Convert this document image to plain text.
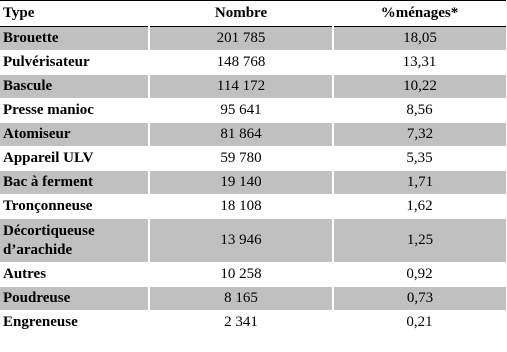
Type	Nombre	%ménages*
Brouette	201 785	18,05
Pulvérisateur	148 768	13,31
Bascule	114 172	10,22
Presse manioc	95 641	8,56
Atomiseur	81 864	7,32
Appareil ULV	59 780	5,35
Bac à ferment	19 140	1,71
Tronçonneuse	18 108	1,62
Décortiqueuse d’arachide	13 946	1,25
Autres	10 258	0,92
Poudreuse	8 165	0,73
Engreneuse	2 341	0,21
